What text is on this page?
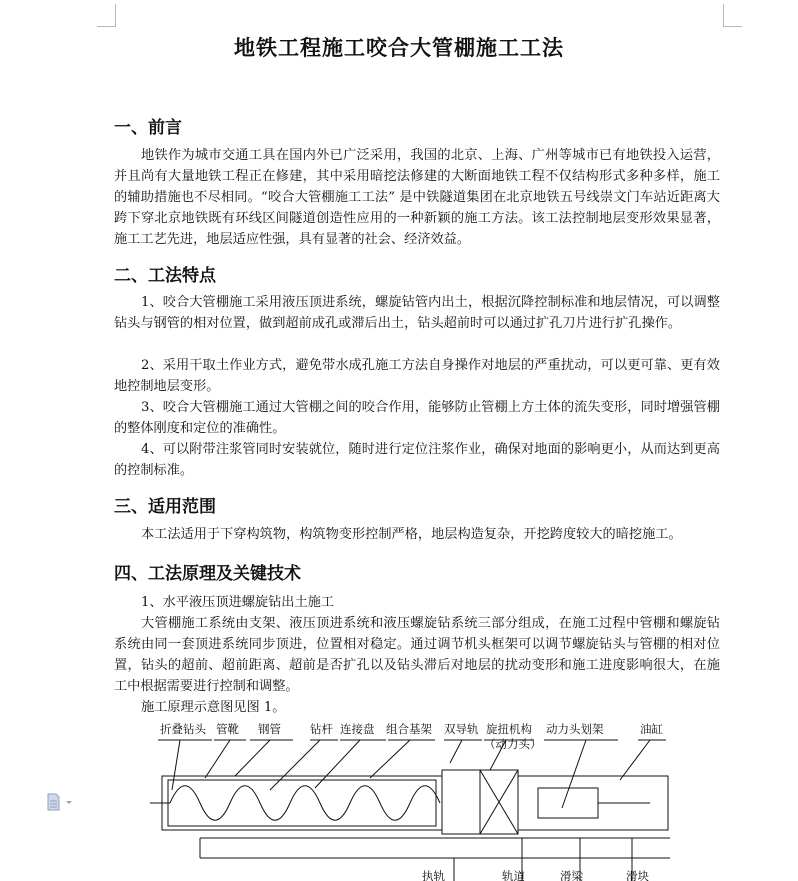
地铁工程施工咬合大管棚施工工法
一、前言
地铁作为城市交通工具在国内外已广泛采用，我国的北京、上海、广州等城市已有地铁投入运营，并且尚有大量地铁工程正在修建，其中采用暗挖法修建的大断面地铁工程不仅结构形式多种多样，施工的辅助措施也不尽相同。“咬合大管棚施工工法” 是中铁隧道集团在北京地铁五号线崇文门车站近距离大跨下穿北京地铁既有环线区间隧道创造性应用的一种新颖的施工方法。该工法控制地层变形效果显著，施工工艺先进，地层适应性强，具有显著的社会、经济效益。
二、工法特点
1、咬合大管棚施工采用液压顶进系统，螺旋钻管内出土，根据沉降控制标准和地层情况，可以调整钻头与钢管的相对位置，做到超前成孔或滞后出土，钻头超前时可以通过扩孔刀片进行扩孔操作。
2、采用干取土作业方式，避免带水成孔施工方法自身操作对地层的严重扰动，可以更可靠、更有效地控制地层变形。
3、咬合大管棚施工通过大管棚之间的咬合作用，能够防止管棚上方土体的流失变形，同时增强管棚的整体刚度和定位的准确性。
4、可以附带注浆管同时安装就位，随时进行定位注浆作业，确保对地面的影响更小，从而达到更高的控制标准。
三、适用范围
本工法适用于下穿构筑物，构筑物变形控制严格，地层构造复杂，开挖跨度较大的暗挖施工。
四、工法原理及关键技术
1、水平液压顶进螺旋钻出土施工
大管棚施工系统由支架、液压顶进系统和液压螺旋钻系统三部分组成，在施工过程中管棚和螺旋钻系统由同一套顶进系统同步顶进，位置相对稳定。通过调节机头框架可以调节螺旋钻头与管棚的相对位置，钻头的超前、超前距离、超前是否扩孔以及钻头滞后对地层的扰动变形和施工进度影响很大，在施工中根据需要进行控制和调整。
施工原理示意图见图 1。
折叠钻头 管靴 钢管	钻杆 连接盘 组合基架 双导轨 旋扭机构
（动力头）
动力头划架	油缸
执轨	轨道	滑梁	滑块
